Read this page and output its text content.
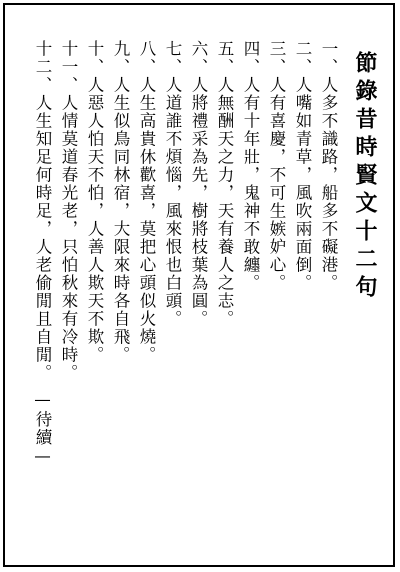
節錄昔時賢文十二句
一、人多不識路，船多不礙港。
二、人嘴如青草，風吹兩面倒。
三、人有喜慶，不可生嫉妒心。
四、人有十年壯，鬼神不敢纏。
五、人無酬天之力，天有養人之志。
六、人將禮采為先，樹將枝葉為圓。
七、人道誰不煩惱，風來恨也白頭。
八、人生高貴休歡喜，莫把心頭似火燒。
九、人生似鳥同林宿，大限來時各自飛。
十、人惡人怕天不怕，人善人欺天不欺。
十一、人情莫道春光老，只怕秋來有冷時。
十二、人生知足何時足，人老偷閒且自閒。
—待續—
